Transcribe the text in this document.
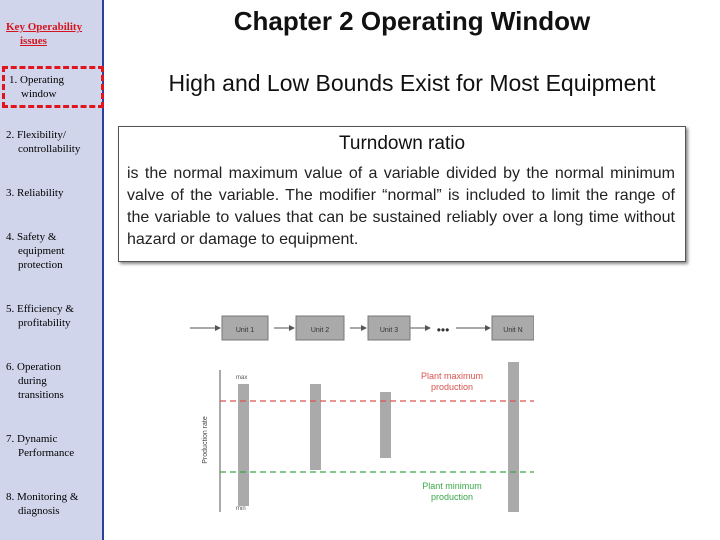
Key Operability
issues
1. Operating
window
2. Flexibility/
controllability
3. Reliability
4. Safety &
equipment
protection
5. Efficiency &
profitability
6. Operation
during
transitions
7. Dynamic
Performance
8. Monitoring &
diagnosis
Chapter 2 Operating Window
High and Low Bounds Exist for Most Equipment
Turndown ratio
is the normal maximum value of a variable divided by the normal minimum valve of the variable. The modifier “normal” is included to limit the range of the variable to values that can be sustained reliably over a long time without hazard or damage to equipment.
Unit 1	Unit 2	Unit 3	•••	Unit N
Production rate
max
min
Plant maximum
production
Plant minimum
production
